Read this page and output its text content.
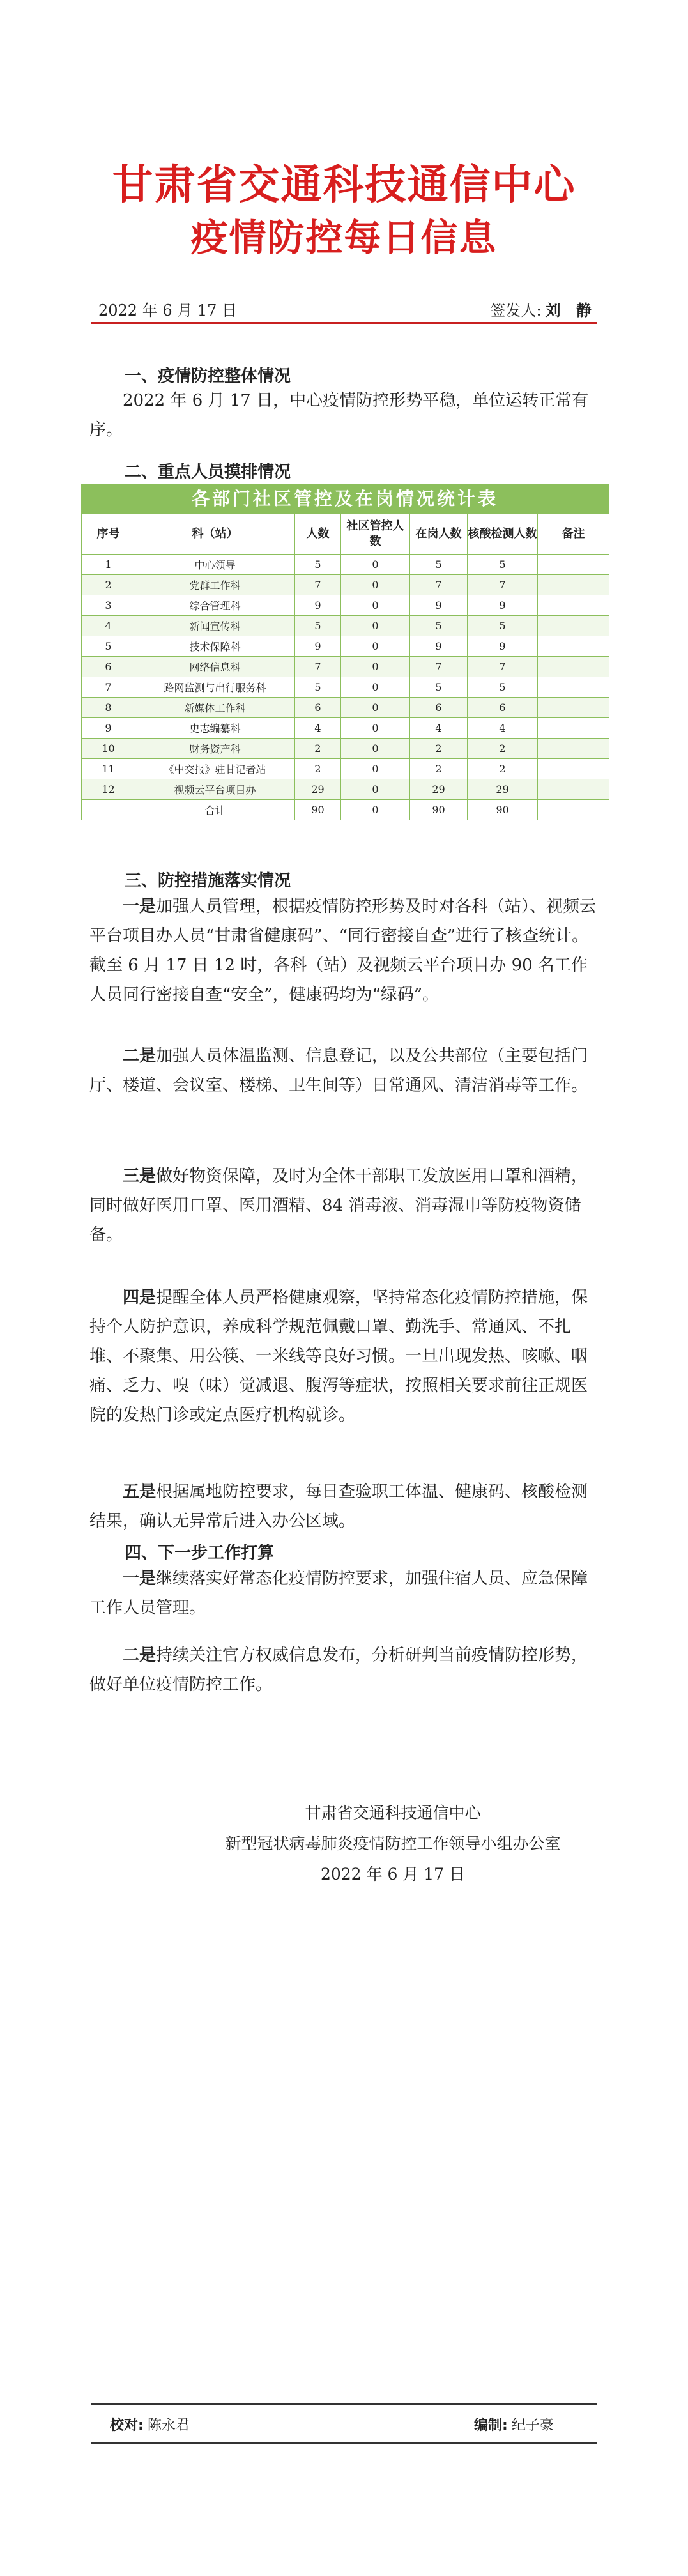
甘肃省交通科技通信中心
疫情防控每日信息
2022 年 6 月 17 日	签发人: 刘 静
一、疫情防控整体情况

2022 年 6 月 17 日，中心疫情防控形势平稳，单位运转正常有序。

二、重点人员摸排情况
各部门社区管控及在岗情况统计表
序号	科（站）	人数	社区管控人数	在岗人数	核酸检测人数	备注
1	中心领导	5	0	5	5	
2	党群工作科	7	0	7	7	
3	综合管理科	9	0	9	9	
4	新闻宣传科	5	0	5	5	
5	技术保障科	9	0	9	9	
6	网络信息科	7	0	7	7	
7	路网监测与出行服务科	5	0	5	5	
8	新媒体工作科	6	0	6	6	
9	史志编纂科	4	0	4	4	
10	财务资产科	2	0	2	2	
11	《中交报》驻甘记者站	2	0	2	2	
12	视频云平台项目办	29	0	29	29	
	合计	90	0	90	90	
三、防控措施落实情况

一是加强人员管理，根据疫情防控形势及时对各科（站）、视频云平台项目办人员“甘肃省健康码”、“同行密接自查”进行了核查统计。截至 6 月 17 日 12 时，各科（站）及视频云平台项目办 90 名工作人员同行密接自查“安全”，健康码均为“绿码”。

二是加强人员体温监测、信息登记，以及公共部位（主要包括门厅、楼道、会议室、楼梯、卫生间等）日常通风、清洁消毒等工作。

三是做好物资保障，及时为全体干部职工发放医用口罩和酒精，同时做好医用口罩、医用酒精、84 消毒液、消毒湿巾等防疫物资储备。

四是提醒全体人员严格健康观察，坚持常态化疫情防控措施，保持个人防护意识，养成科学规范佩戴口罩、勤洗手、常通风、不扎堆、不聚集、用公筷、一米线等良好习惯。一旦出现发热、咳嗽、咽痛、乏力、嗅（味）觉减退、腹泻等症状，按照相关要求前往正规医院的发热门诊或定点医疗机构就诊。

五是根据属地防控要求，每日查验职工体温、健康码、核酸检测结果，确认无异常后进入办公区域。

四、下一步工作打算

一是继续落实好常态化疫情防控要求，加强住宿人员、应急保障工作人员管理。

二是持续关注官方权威信息发布，分析研判当前疫情防控形势，做好单位疫情防控工作。

甘肃省交通科技通信中心
新型冠状病毒肺炎疫情防控工作领导小组办公室
2022 年 6 月 17 日
校对: 陈永君	编制: 纪子豪
